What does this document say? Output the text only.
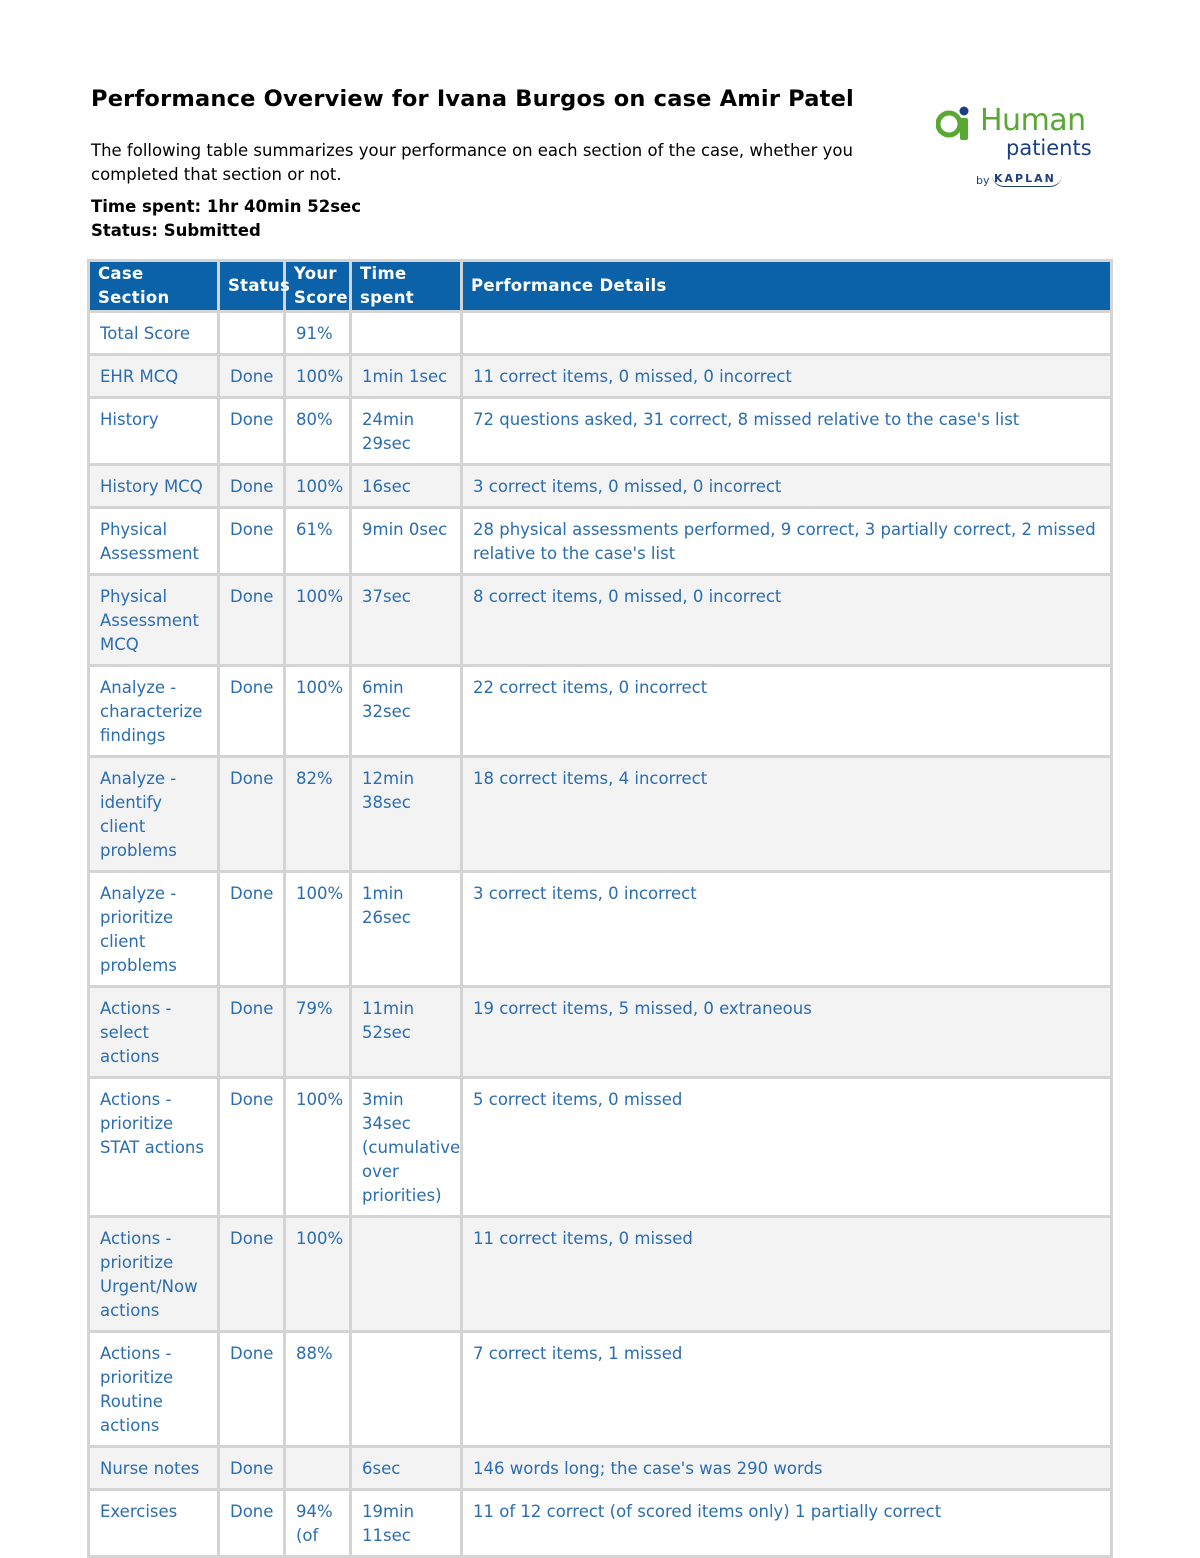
Performance Overview for Ivana Burgos on case Amir Patel
The following table summarizes your performance on each section of the case, whether you completed that section or not.
Time spent: 1hr 40min 52sec
Status: Submitted
Human
patients
by KAPLAN
Case Section	Status	Your Score	Time spent	Performance Details
Total Score		91%		
EHR MCQ	Done	100%	1min 1sec	11 correct items, 0 missed, 0 incorrect
History	Done	80%	24min 29sec	72 questions asked, 31 correct, 8 missed relative to the case's list
History MCQ	Done	100%	16sec	3 correct items, 0 missed, 0 incorrect
Physical Assessment	Done	61%	9min 0sec	28 physical assessments performed, 9 correct, 3 partially correct, 2 missed relative to the case's list
Physical Assessment MCQ	Done	100%	37sec	8 correct items, 0 missed, 0 incorrect
Analyze - characterize findings	Done	100%	6min 32sec	22 correct items, 0 incorrect
Analyze - identify client problems	Done	82%	12min 38sec	18 correct items, 4 incorrect
Analyze - prioritize client problems	Done	100%	1min 26sec	3 correct items, 0 incorrect
Actions - select actions	Done	79%	11min 52sec	19 correct items, 5 missed, 0 extraneous
Actions - prioritize STAT actions	Done	100%	3min 34sec (cumulative over priorities)	5 correct items, 0 missed
Actions - prioritize Urgent/Now actions	Done	100%		11 correct items, 0 missed
Actions - prioritize Routine actions	Done	88%		7 correct items, 1 missed
Nurse notes	Done		6sec	146 words long; the case's was 290 words
Exercises	Done	94% (of	19min 11sec	11 of 12 correct (of scored items only) 1 partially correct
